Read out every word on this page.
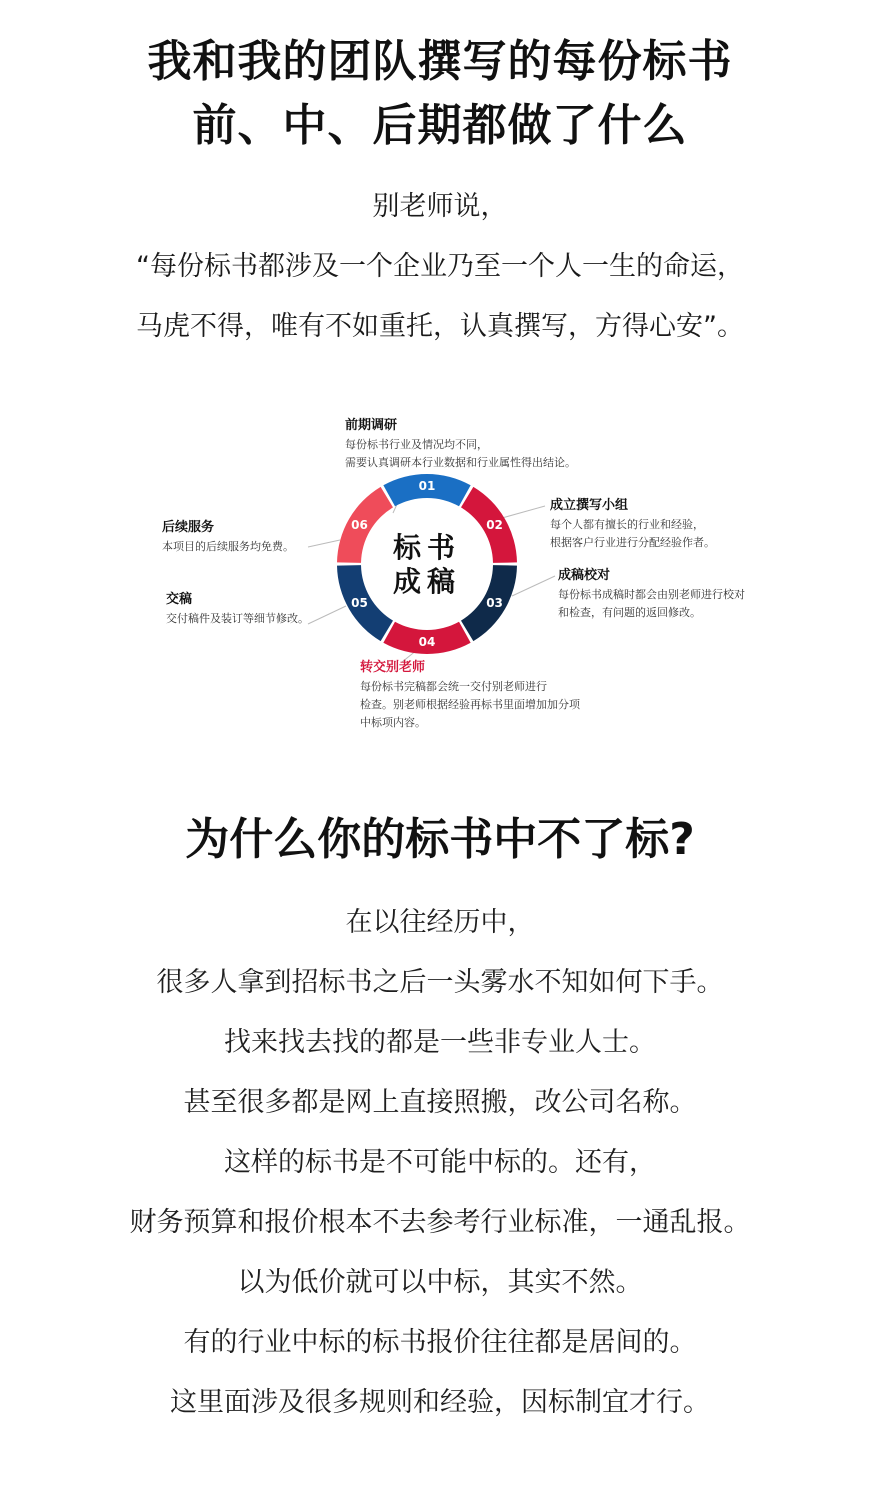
我和我的团队撰写的每份标书
前、中、后期都做了什么
别老师说，
“每份标书都涉及一个企业乃至一个人一生的命运，
马虎不得，唯有不如重托，认真撰写，方得心安”。
标书
成稿
01
02
03
04
05
06
前期调研
每份标书行业及情况均不同，
需要认真调研本行业数据和行业属性得出结论。
成立撰写小组
每个人都有擅长的行业和经验，
根据客户行业进行分配经验作者。
成稿校对
每份标书成稿时都会由别老师进行校对
和检查，有问题的返回修改。
转交别老师
每份标书完稿都会统一交付别老师进行
检查。别老师根据经验再标书里面增加加分项
中标项内容。
交稿
交付稿件及装订等细节修改。
后续服务
本项目的后续服务均免费。
为什么你的标书中不了标?
在以往经历中，
很多人拿到招标书之后一头雾水不知如何下手。
找来找去找的都是一些非专业人士。
甚至很多都是网上直接照搬，改公司名称。
这样的标书是不可能中标的。还有，
财务预算和报价根本不去参考行业标准，一通乱报。
以为低价就可以中标，其实不然。
有的行业中标的标书报价往往都是居间的。
这里面涉及很多规则和经验，因标制宜才行。
